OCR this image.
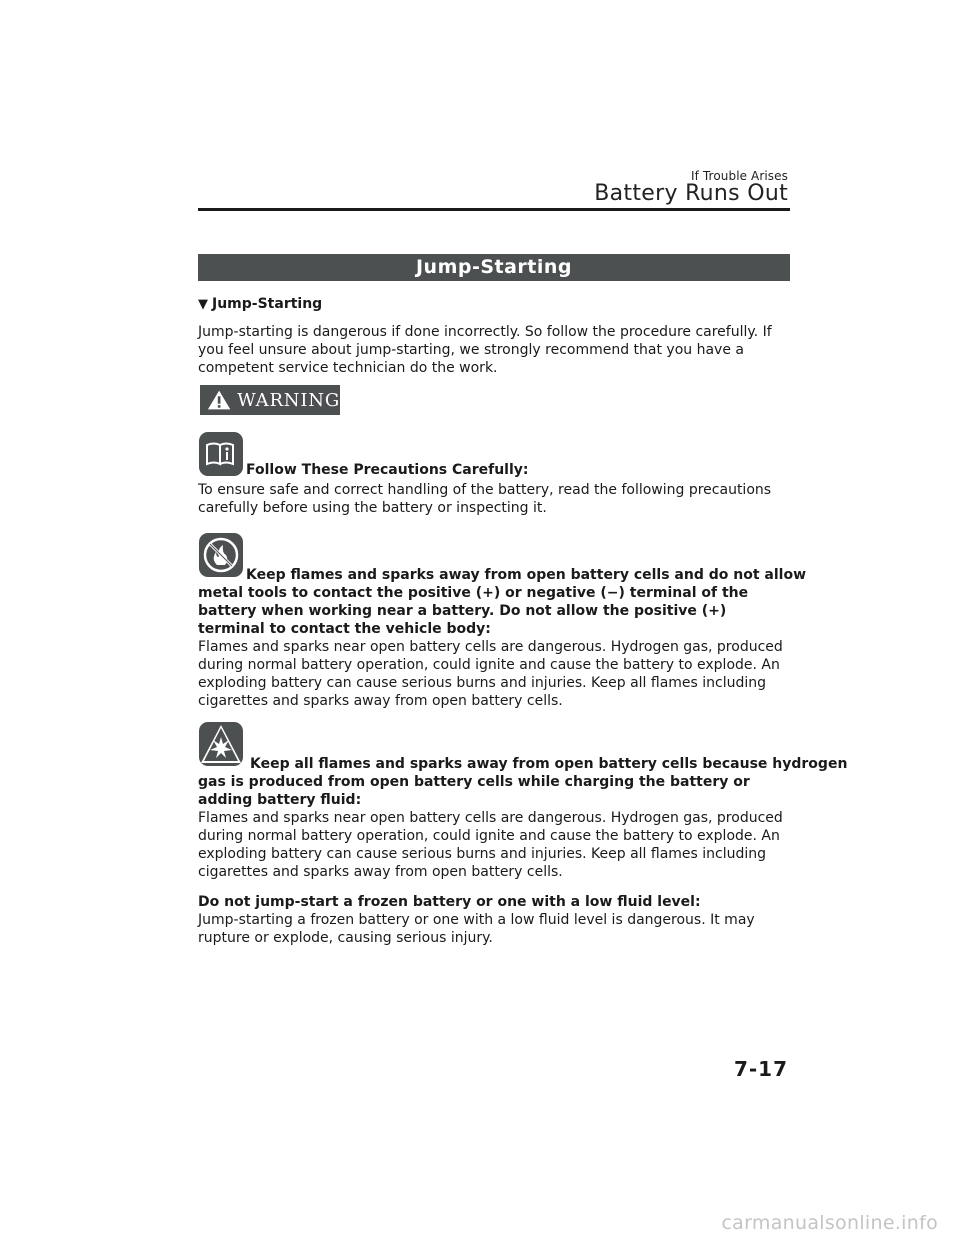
If Trouble Arises
Battery Runs Out
Jump-Starting
▼ Jump-Starting
Jump-starting is dangerous if done incorrectly. So follow the procedure carefully. If you feel unsure about jump-starting, we strongly recommend that you have a competent service technician do the work.
WARNING
Follow These Precautions Carefully:
To ensure safe and correct handling of the battery, read the following precautions carefully before using the battery or inspecting it.
Keep flames and sparks away from open battery cells and do not allow
metal tools to contact the positive (+) or negative (−) terminal of the battery when working near a battery. Do not allow the positive (+) terminal to contact the vehicle body:
Flames and sparks near open battery cells are dangerous. Hydrogen gas, produced during normal battery operation, could ignite and cause the battery to explode. An exploding battery can cause serious burns and injuries. Keep all flames including cigarettes and sparks away from open battery cells.
Keep all flames and sparks away from open battery cells because hydrogen
gas is produced from open battery cells while charging the battery or adding battery fluid:
Flames and sparks near open battery cells are dangerous. Hydrogen gas, produced during normal battery operation, could ignite and cause the battery to explode. An exploding battery can cause serious burns and injuries. Keep all flames including cigarettes and sparks away from open battery cells.
Do not jump-start a frozen battery or one with a low fluid level:
Jump-starting a frozen battery or one with a low fluid level is dangerous. It may rupture or explode, causing serious injury.
7-17
carmanualsonline.info
